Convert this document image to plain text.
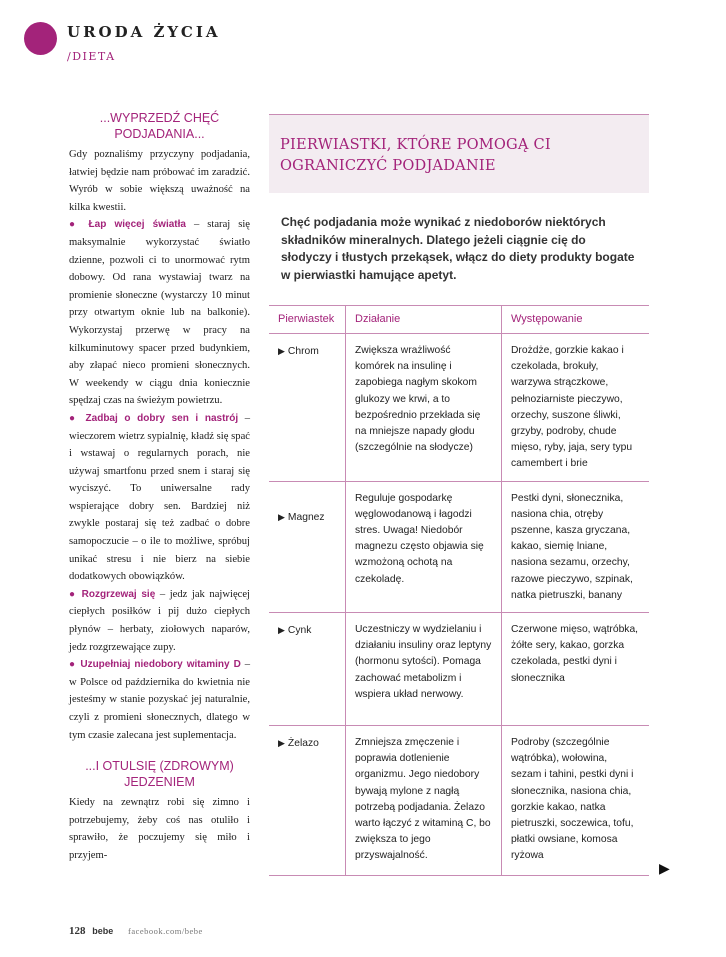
URODA ŻYCIA
/DIETA
...WYPRZEDŹ CHĘĆ PODJADANIA...

Gdy poznaliśmy przyczyny podjadania, łatwiej będzie nam próbować im zaradzić. Wyrób w sobie większą uważność na kilka kwestii.

● Łap więcej światła – staraj się maksymalnie wykorzystać światło dzienne, pozwoli ci to unormować rytm dobowy. Od rana wystawiaj twarz na promienie słoneczne (wystarczy 10 minut przy otwartym oknie lub na balkonie). Wykorzystaj przerwę w pracy na kilkuminutowy spacer przed budynkiem, aby złapać nieco promieni słonecznych. W weekendy w ciągu dnia koniecznie spędzaj czas na świeżym powietrzu.

● Zadbaj o dobry sen i nastrój – wieczorem wietrz sypialnię, kładź się spać i wstawaj o regularnych porach, nie używaj smartfonu przed snem i staraj się wyciszyć. To uniwersalne rady wspierające dobry sen. Bardziej niż zwykle postaraj się też zadbać o dobre samopoczucie – o ile to możliwe, spróbuj unikać stresu i nie bierz na siebie dodatkowych obowiązków.

● Rozgrzewaj się – jedz jak najwięcej ciepłych posiłków i pij dużo ciepłych płynów – herbaty, ziołowych naparów, jedz rozgrzewające zupy.

● Uzupełniaj niedobory witaminy D – w Polsce od października do kwietnia nie jesteśmy w stanie pozyskać jej naturalnie, czyli z promieni słonecznych, dlatego w tym czasie zalecana jest suplementacja.

...I OTULSIĘ (ZDROWYM) JEDZENIEM

Kiedy na zewnątrz robi się zimno i potrzebujemy, żeby coś nas otuliło i sprawiło, że poczujemy się miło i przyjem-

PIERWIASTKI, KTÓRE POMOGĄ CI OGRANICZYĆ PODJADANIE
Chęć podjadania może wynikać z niedoborów niektórych składników mineralnych. Dlatego jeżeli ciągnie cię do słodyczy i tłustych przekąsek, włącz do diety produkty bogate w pierwiastki hamujące apetyt.
Pierwiastek	Działanie	Występowanie
▶ Chrom	Zwiększa wrażliwość komórek na insulinę i zapobiega nagłym skokom glukozy we krwi, a to bezpośrednio przekłada się na mniejsze napady głodu (szczególnie na słodycze)	Drożdże, gorzkie kakao i czekolada, brokuły, warzywa strączkowe, pełnoziarniste pieczywo, orzechy, suszone śliwki, grzyby, podroby, chude mięso, ryby, jaja, sery typu camembert i brie
▶ Magnez	Reguluje gospodarkę węglowodanową i łagodzi stres. Uwaga! Niedobór magnezu często objawia się wzmożoną ochotą na czekoladę.	Pestki dyni, słonecznika, nasiona chia, otręby pszenne, kasza gryczana, kakao, siemię lniane, nasiona sezamu, orzechy, razowe pieczywo, szpinak, natka pietruszki, banany
▶ Cynk	Uczestniczy w wydzielaniu i działaniu insuliny oraz leptyny (hormonu sytości). Pomaga zachować metabolizm i wspiera układ nerwowy.	Czerwone mięso, wątróbka, żółte sery, kakao, gorzka czekolada, pestki dyni i słonecznika
▶ Żelazo	Zmniejsza zmęczenie i poprawia dotlenienie organizmu. Jego niedobory bywają mylone z nagłą potrzebą podjadania. Żelazo warto łączyć z witaminą C, bo zwiększa to jego przyswajalność.	Podroby (szczególnie wątróbka), wołowina, sezam i tahini, pestki dyni i słonecznika, nasiona chia, gorzkie kakao, natka pietruszki, soczewica, tofu, płatki owsiane, komosa ryżowa
▶
128 bebe facebook.com/bebe
